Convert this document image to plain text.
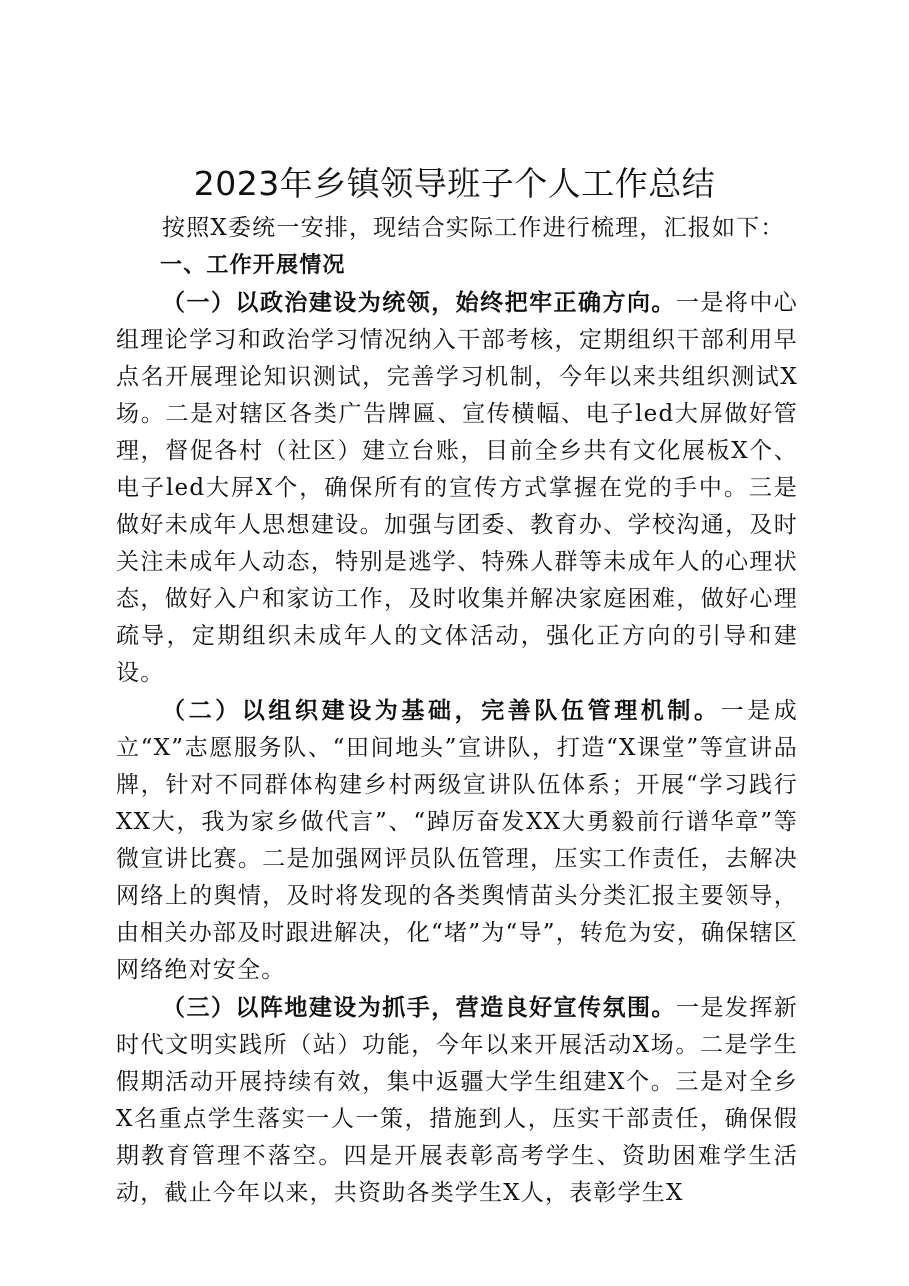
2023年乡镇领导班子个人工作总结

按照X委统一安排，现结合实际工作进行梳理，汇报如下：

一、工作开展情况

（一）以政治建设为统领，始终把牢正确方向。一是将中心组理论学习和政治学习情况纳入干部考核，定期组织干部利用早点名开展理论知识测试，完善学习机制，今年以来共组织测试X场。二是对辖区各类广告牌匾、宣传横幅、电子led大屏做好管理，督促各村（社区）建立台账，目前全乡共有文化展板X个、电子led大屏X个，确保所有的宣传方式掌握在党的手中。三是做好未成年人思想建设。加强与团委、教育办、学校沟通，及时关注未成年人动态，特别是逃学、特殊人群等未成年人的心理状态，做好入户和家访工作，及时收集并解决家庭困难，做好心理疏导，定期组织未成年人的文体活动，强化正方向的引导和建设。

（二）以组织建设为基础，完善队伍管理机制。一是成立“X”志愿服务队、“田间地头”宣讲队，打造“X课堂”等宣讲品牌，针对不同群体构建乡村两级宣讲队伍体系；开展“学习践行XX大，我为家乡做代言”、“踔厉奋发XX大勇毅前行谱华章”等微宣讲比赛。二是加强网评员队伍管理，压实工作责任，去解决网络上的舆情，及时将发现的各类舆情苗头分类汇报主要领导，由相关办部及时跟进解决，化“堵”为“导”，转危为安，确保辖区网络绝对安全。

（三）以阵地建设为抓手，营造良好宣传氛围。一是发挥新时代文明实践所（站）功能，今年以来开展活动X场。二是学生假期活动开展持续有效，集中返疆大学生组建X个。三是对全乡X名重点学生落实一人一策，措施到人，压实干部责任，确保假期教育管理不落空。四是开展表彰高考学生、资助困难学生活动，截止今年以来，共资助各类学生X人，表彰学生X
